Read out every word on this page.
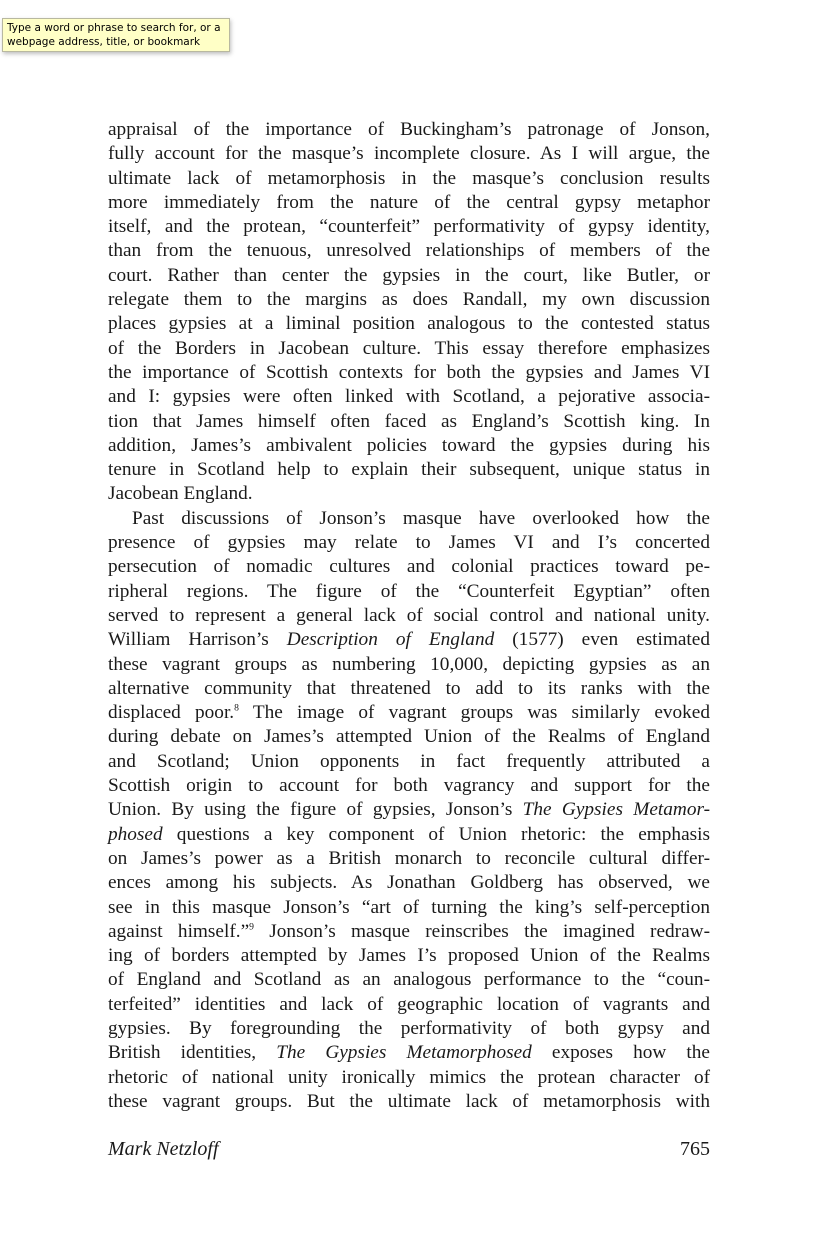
Type a word or phrase to search for, or a webpage address, title, or bookmark
appraisal of the importance of Buckingham’s patronage of Jonson,
fully account for the masque’s incomplete closure. As I will argue, the
ultimate lack of metamorphosis in the masque’s conclusion results
more immediately from the nature of the central gypsy metaphor
itself, and the protean, “counterfeit” performativity of gypsy identity,
than from the tenuous, unresolved relationships of members of the
court. Rather than center the gypsies in the court, like Butler, or
relegate them to the margins as does Randall, my own discussion
places gypsies at a liminal position analogous to the contested status
of the Borders in Jacobean culture. This essay therefore emphasizes
the importance of Scottish contexts for both the gypsies and James VI
and I: gypsies were often linked with Scotland, a pejorative associa-
tion that James himself often faced as England’s Scottish king. In
addition, James’s ambivalent policies toward the gypsies during his
tenure in Scotland help to explain their subsequent, unique status in
Jacobean England.
Past discussions of Jonson’s masque have overlooked how the
presence of gypsies may relate to James VI and I’s concerted
persecution of nomadic cultures and colonial practices toward pe-
ripheral regions. The figure of the “Counterfeit Egyptian” often
served to represent a general lack of social control and national unity.
William Harrison’s Description of England (1577) even estimated
these vagrant groups as numbering 10,000, depicting gypsies as an
alternative community that threatened to add to its ranks with the
displaced poor.$^8$ The image of vagrant groups was similarly evoked
during debate on James’s attempted Union of the Realms of England
and Scotland; Union opponents in fact frequently attributed a
Scottish origin to account for both vagrancy and support for the
Union. By using the figure of gypsies, Jonson’s The Gypsies Metamor-
phosed questions a key component of Union rhetoric: the emphasis
on James’s power as a British monarch to reconcile cultural differ-
ences among his subjects. As Jonathan Goldberg has observed, we
see in this masque Jonson’s “art of turning the king’s self-perception
against himself.”$^9$ Jonson’s masque reinscribes the imagined redraw-
ing of borders attempted by James I’s proposed Union of the Realms
of England and Scotland as an analogous performance to the “coun-
terfeited” identities and lack of geographic location of vagrants and
gypsies. By foregrounding the performativity of both gypsy and
British identities, The Gypsies Metamorphosed exposes how the
rhetoric of national unity ironically mimics the protean character of
these vagrant groups. But the ultimate lack of metamorphosis with
Mark Netzloff	765
